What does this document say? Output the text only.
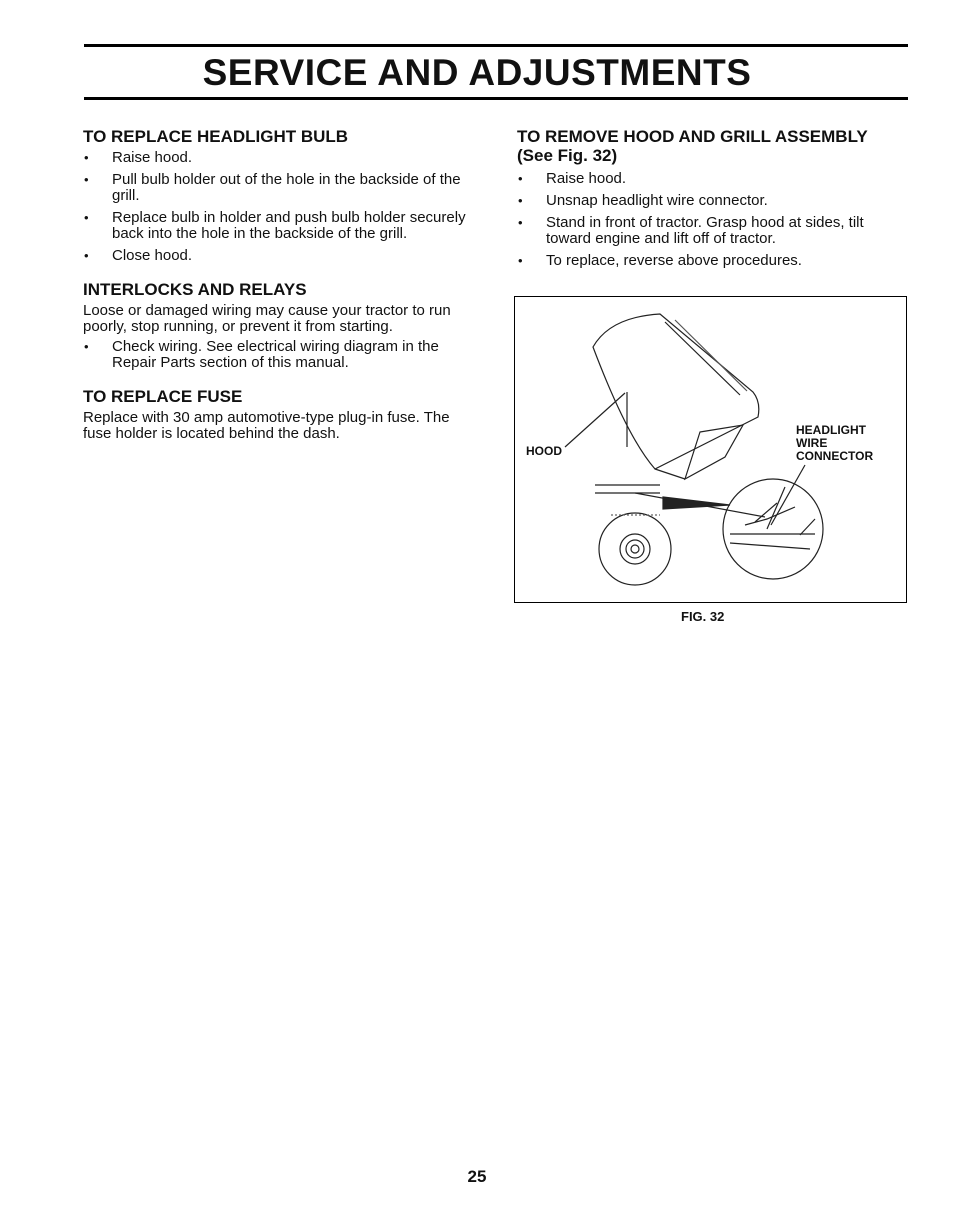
SERVICE AND ADJUSTMENTS
TO REPLACE HEADLIGHT BULB
• Raise hood.
• Pull bulb holder out of the hole in the backside of the grill.
• Replace bulb in holder and push bulb holder securely back into the hole in the backside of the grill.
• Close hood.
INTERLOCKS AND RELAYS

Loose or damaged wiring may cause your tractor to run poorly, stop running, or prevent it from starting.

• Check wiring. See electrical wiring diagram in the Repair Parts section of this manual.
TO REPLACE FUSE

Replace with 30 amp automotive-type plug-in fuse. The fuse holder is located behind the dash.

TO REMOVE HOOD AND GRILL ASSEMBLY
(See Fig. 32)
• Raise hood.
• Unsnap headlight wire connector.
• Stand in front of tractor. Grasp hood at sides, tilt toward engine and lift off of tractor.
• To replace, reverse above procedures.
HOOD
HEADLIGHT
WIRE
CONNECTOR
FIG. 32
25
